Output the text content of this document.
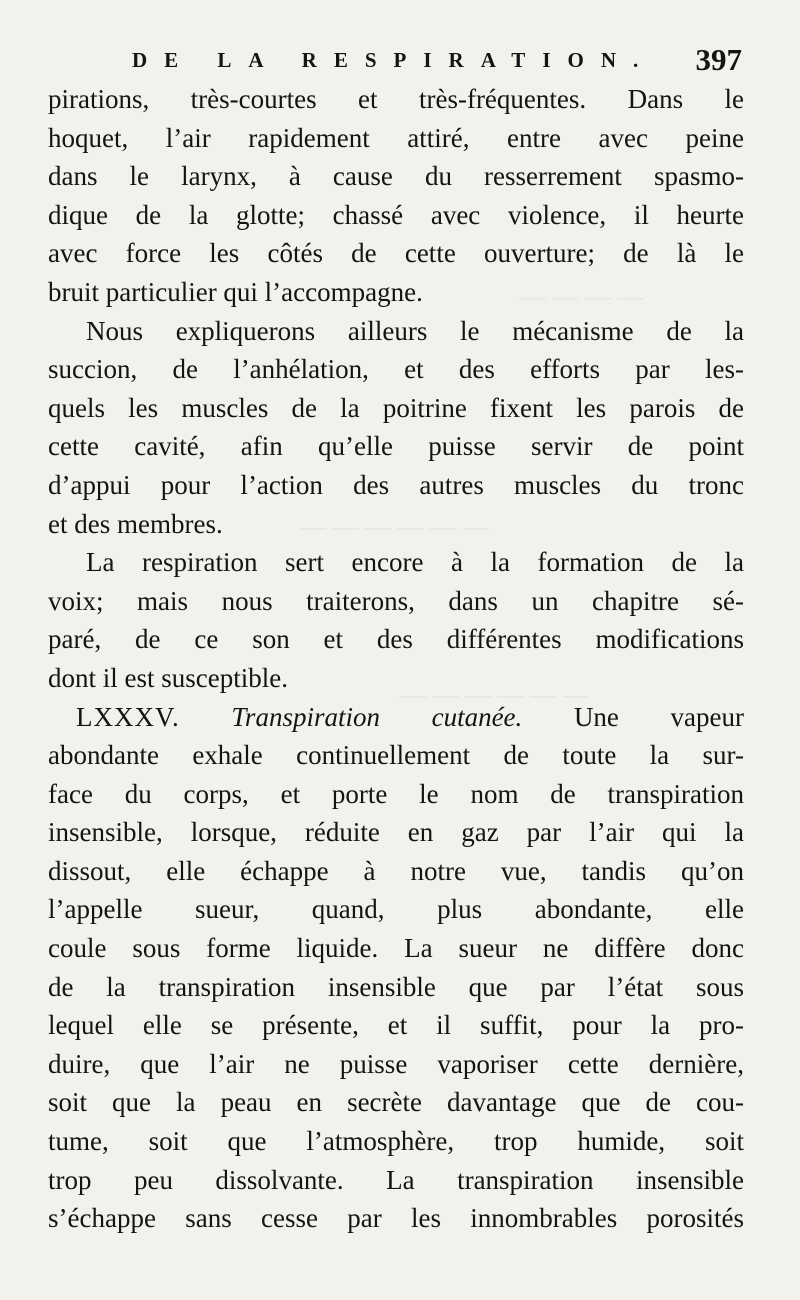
— — — —
— — — — — —
— — — — — —
DE LA RESPIRATION. 397
pirations, très-courtes et très-fréquentes. Dans le
hoquet, l’air rapidement attiré, entre avec peine
dans le larynx, à cause du resserrement spasmo-
dique de la glotte; chassé avec violence, il heurte
avec force les côtés de cette ouverture; de là le
bruit particulier qui l’accompagne.
Nous expliquerons ailleurs le mécanisme de la
succion, de l’anhélation, et des efforts par les-
quels les muscles de la poitrine fixent les parois de
cette cavité, afin qu’elle puisse servir de point
d’appui pour l’action des autres muscles du tronc
et des membres.
La respiration sert encore à la formation de la
voix; mais nous traiterons, dans un chapitre sé-
paré, de ce son et des différentes modifications
dont il est susceptible.
LXXXV. Transpiration cutanée. Une vapeur
abondante exhale continuellement de toute la sur-
face du corps, et porte le nom de transpiration
insensible, lorsque, réduite en gaz par l’air qui la
dissout, elle échappe à notre vue, tandis qu’on
l’appelle sueur, quand, plus abondante, elle
coule sous forme liquide. La sueur ne diffère donc
de la transpiration insensible que par l’état sous
lequel elle se présente, et il suffit, pour la pro-
duire, que l’air ne puisse vaporiser cette dernière,
soit que la peau en secrète davantage que de cou-
tume, soit que l’atmosphère, trop humide, soit
trop peu dissolvante. La transpiration insensible
s’échappe sans cesse par les innombrables porosités
